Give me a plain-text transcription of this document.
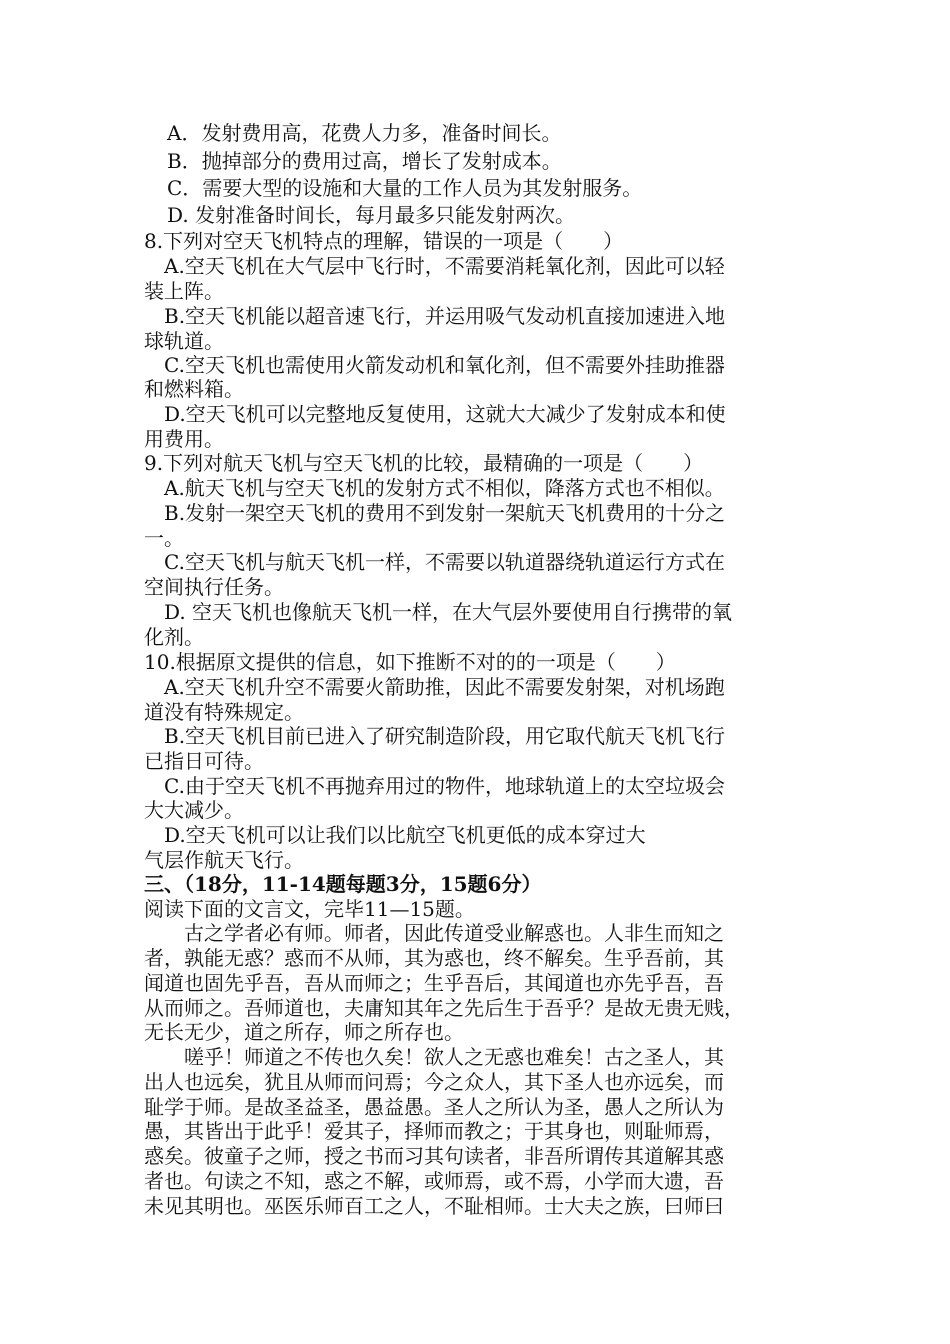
A．发射费用高，花费人力多，准备时间长。

B．抛掉部分的费用过高，增长了发射成本。

C．需要大型的设施和大量的工作人员为其发射服务。

D. 发射准备时间长，每月最多只能发射两次。

8.下列对空天飞机特点的理解，错误的一项是（　　）

A.空天飞机在大气层中飞行时，不需要消耗氧化剂，因此可以轻

装上阵。

B.空天飞机能以超音速飞行，并运用吸气发动机直接加速进入地

球轨道。

C.空天飞机也需使用火箭发动机和氧化剂，但不需要外挂助推器

和燃料箱。

D.空天飞机可以完整地反复使用，这就大大减少了发射成本和使

用费用。

9.下列对航天飞机与空天飞机的比较，最精确的一项是（　　）

A.航天飞机与空天飞机的发射方式不相似，降落方式也不相似。

B.发射一架空天飞机的费用不到发射一架航天飞机费用的十分之

一。

C.空天飞机与航天飞机一样，不需要以轨道器绕轨道运行方式在

空间执行任务。

D. 空天飞机也像航天飞机一样，在大气层外要使用自行携带的氧

化剂。

10.根据原文提供的信息，如下推断不对的的一项是（　　）

A.空天飞机升空不需要火箭助推，因此不需要发射架，对机场跑

道没有特殊规定。

B.空天飞机目前已进入了研究制造阶段，用它取代航天飞机飞行

已指日可待。

C.由于空天飞机不再抛弃用过的物件，地球轨道上的太空垃圾会

大大减少。

D.空天飞机可以让我们以比航空飞机更低的成本穿过大

气层作航天飞行。

三、（18分，11-14题每题3分，15题6分）

阅读下面的文言文，完毕11—15题。

古之学者必有师。师者，因此传道受业解惑也。人非生而知之

者，孰能无惑？惑而不从师，其为惑也，终不解矣。生乎吾前，其

闻道也固先乎吾，吾从而师之；生乎吾后，其闻道也亦先乎吾，吾

从而师之。吾师道也，夫庸知其年之先后生于吾乎？是故无贵无贱，

无长无少，道之所存，师之所存也。

嗟乎！师道之不传也久矣！欲人之无惑也难矣！古之圣人，其

出人也远矣，犹且从师而问焉；今之众人，其下圣人也亦远矣，而

耻学于师。是故圣益圣，愚益愚。圣人之所认为圣，愚人之所认为

愚，其皆出于此乎！爱其子，择师而教之；于其身也，则耻师焉，

惑矣。彼童子之师，授之书而习其句读者，非吾所谓传其道解其惑

者也。句读之不知，惑之不解，或师焉，或不焉，小学而大遗，吾

未见其明也。巫医乐师百工之人，不耻相师。士大夫之族，曰师曰
